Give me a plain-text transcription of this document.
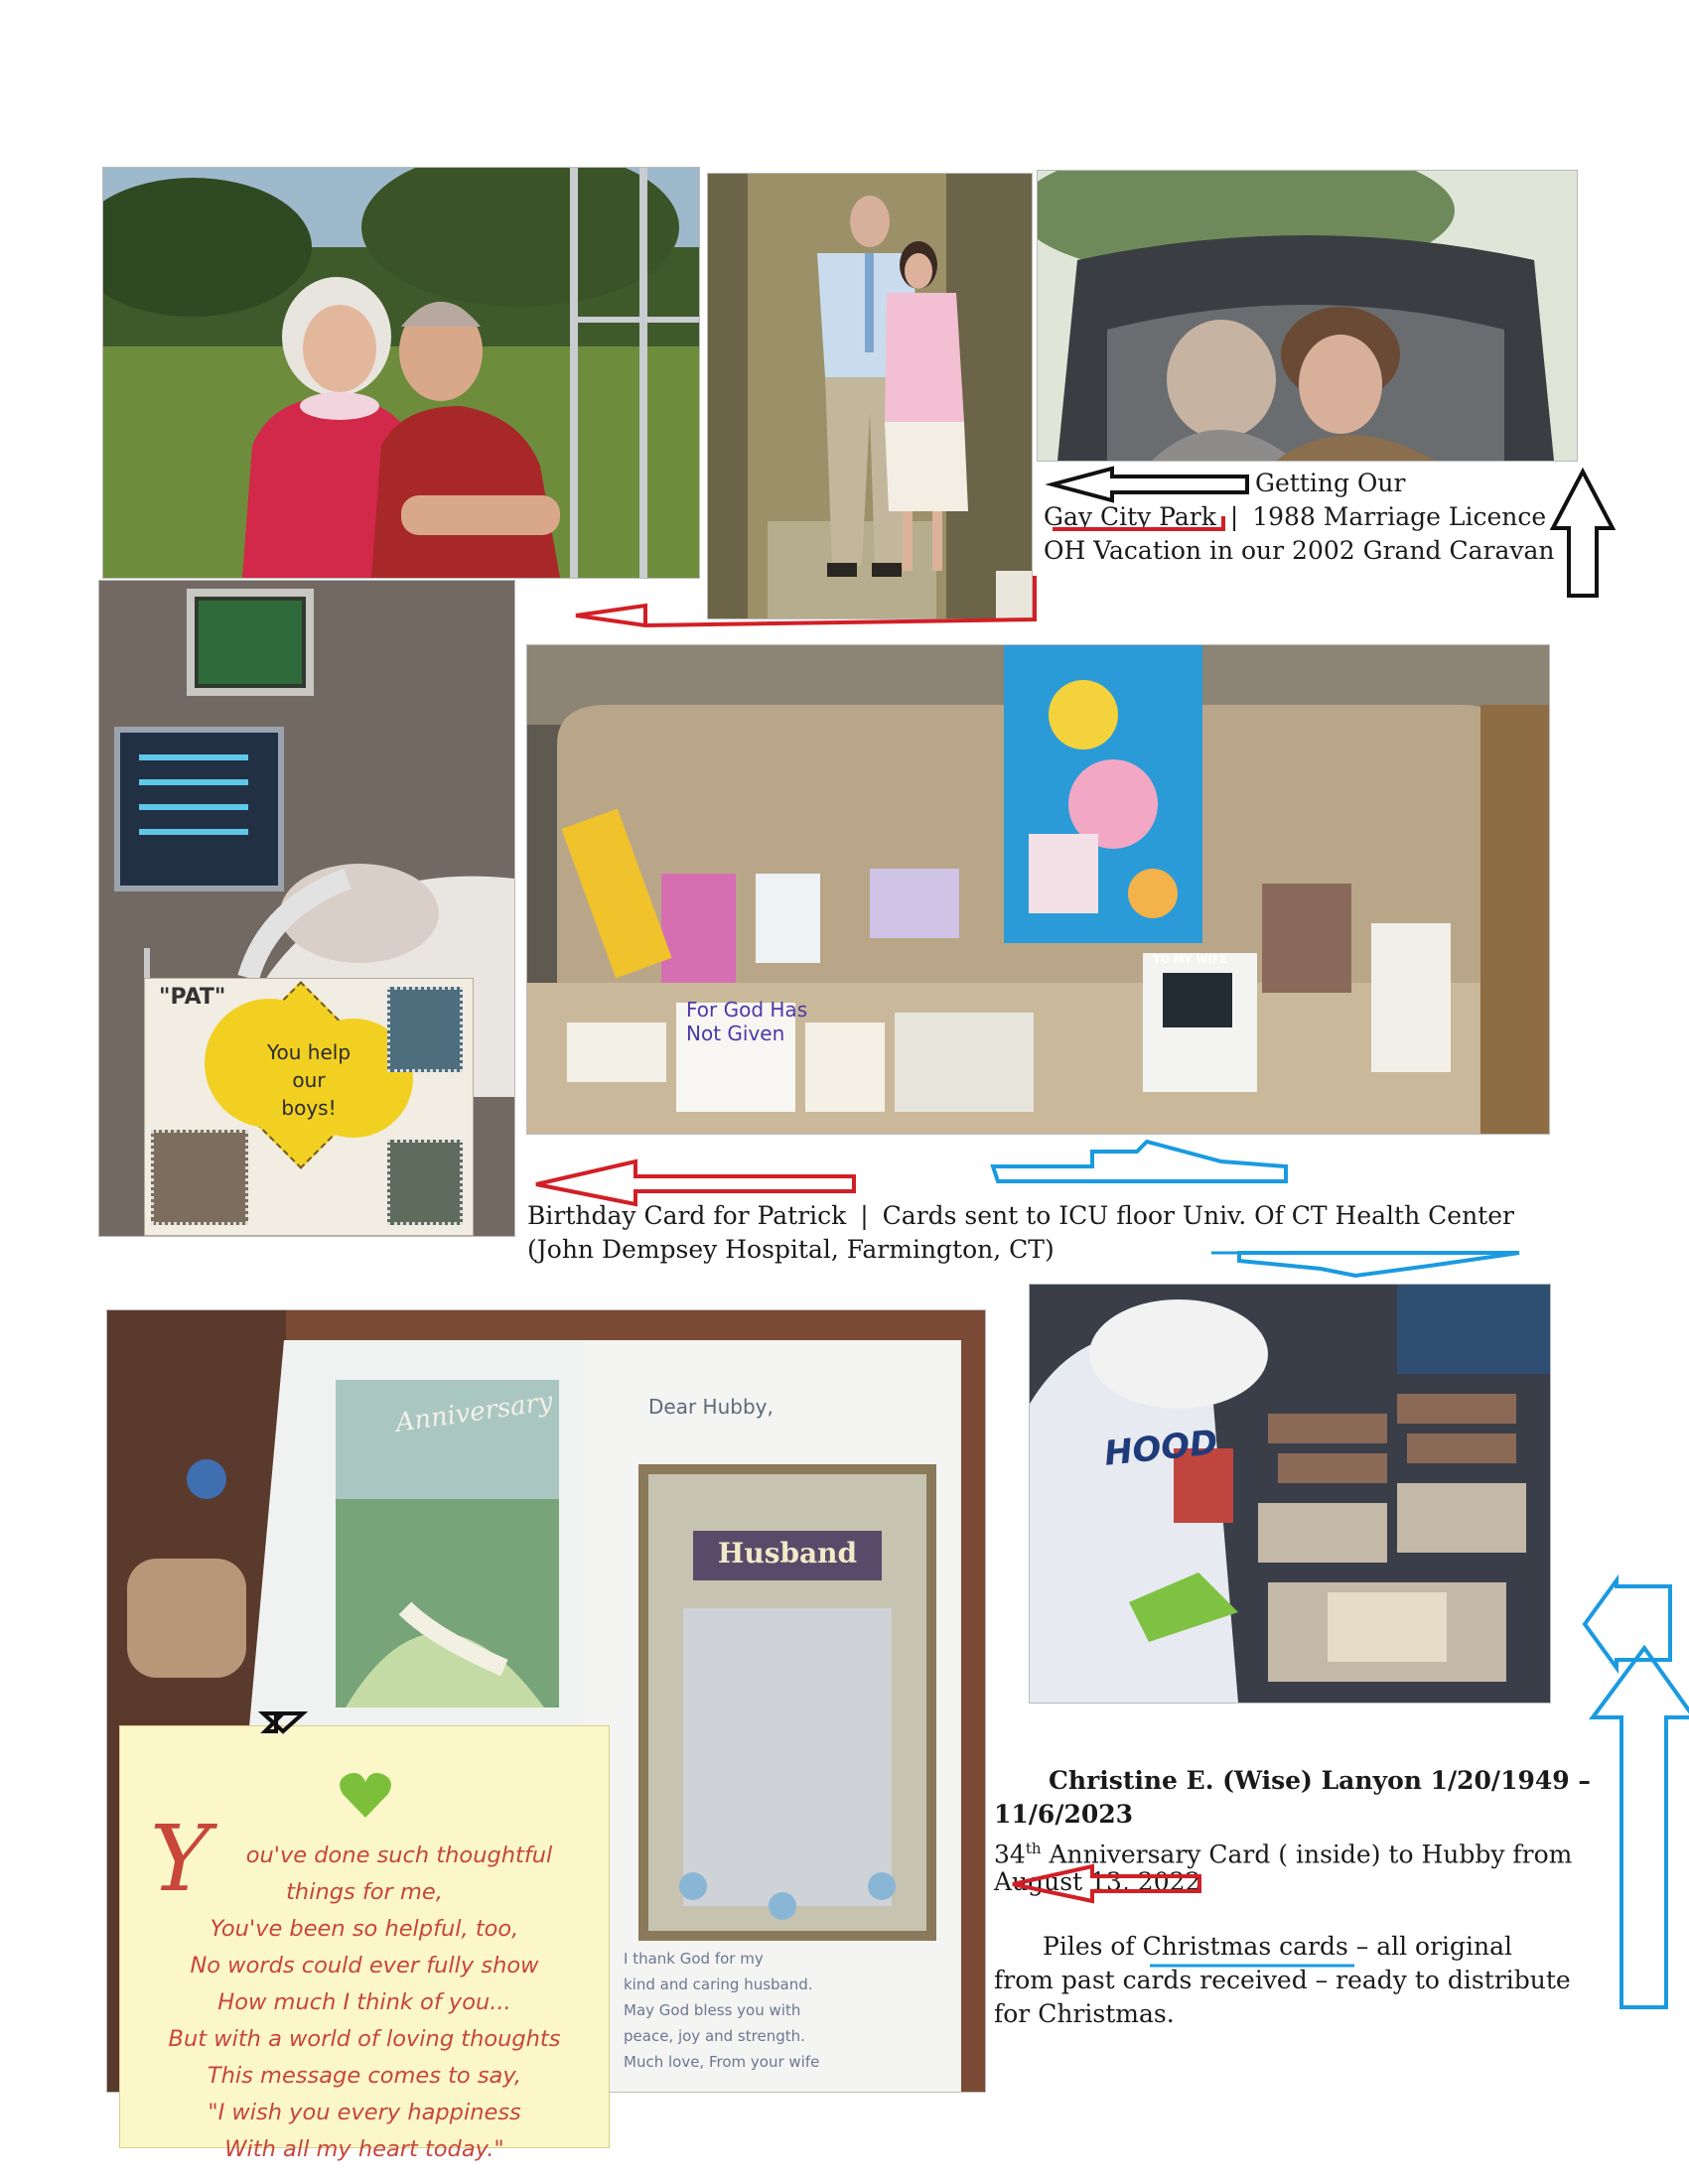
"PAT"
You help
our
boys!
For God Has
Not Given
TO MY WIFE
Anniversary	Dear Hubby,
Husband
I thank God for my
kind and caring husband.
May God bless you with
peace, joy and strength.
Much love, From your wife
Y	ou've done such thoughtful
things for me,
You've been so helpful, too,
No words could ever fully show
How much I think of you...
But with a world of loving thoughts
This message comes to say,
"I wish you every happiness
With all my heart today."
HOOD
Getting Our
Gay City Park | 1988 Marriage Licence
OH Vacation in our 2002 Grand Caravan
Birthday Card for Patrick | Cards sent to ICU floor Univ. Of CT Health Center
(John Dempsey Hospital, Farmington, CT)
Christine E. (Wise) Lanyon 1/20/1949 –
11/6/2023
34th Anniversary Card ( inside) to Hubby from
August 13, 2022
Piles of Christmas cards – all original
from past cards received – ready to distribute
for Christmas.
